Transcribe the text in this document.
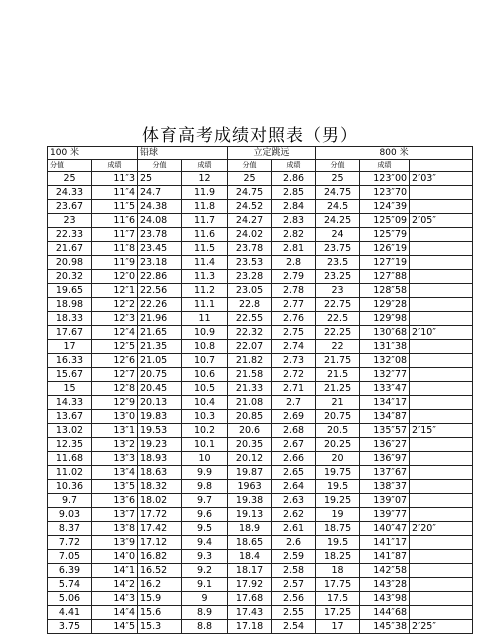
体育高考成绩对照表（男）
100 米		铅球		立定跳远		800 米		
分值	成绩	分值	成绩	分值	成绩	分值	成绩	
25	11″3	25	12	25	2.86	25	123″00	2′03″
24.33	11″4	24.7	11.9	24.75	2.85	24.75	123″70	
23.67	11″5	24.38	11.8	24.52	2.84	24.5	124″39	
23	11″6	24.08	11.7	24.27	2.83	24.25	125″09	2′05″
22.33	11″7	23.78	11.6	24.02	2.82	24	125″79	
21.67	11″8	23.45	11.5	23.78	2.81	23.75	126″19	
20.98	11″9	23.18	11.4	23.53	2.8	23.5	127″19	
20.32	12″0	22.86	11.3	23.28	2.79	23.25	127″88	
19.65	12″1	22.56	11.2	23.05	2.78	23	128″58	
18.98	12″2	22.26	11.1	22.8	2.77	22.75	129″28	
18.33	12″3	21.96	11	22.55	2.76	22.5	129″98	
17.67	12″4	21.65	10.9	22.32	2.75	22.25	130″68	2′10″
17	12″5	21.35	10.8	22.07	2.74	22	131″38	
16.33	12″6	21.05	10.7	21.82	2.73	21.75	132″08	
15.67	12″7	20.75	10.6	21.58	2.72	21.5	132″77	
15	12″8	20.45	10.5	21.33	2.71	21.25	133″47	
14.33	12″9	20.13	10.4	21.08	2.7	21	134″17	
13.67	13″0	19.83	10.3	20.85	2.69	20.75	134″87	
13.02	13″1	19.53	10.2	20.6	2.68	20.5	135″57	2′15″
12.35	13″2	19.23	10.1	20.35	2.67	20.25	136″27	
11.68	13″3	18.93	10	20.12	2.66	20	136″97	
11.02	13″4	18.63	9.9	19.87	2.65	19.75	137″67	
10.36	13″5	18.32	9.8	1963	2.64	19.5	138″37	
9.7	13″6	18.02	9.7	19.38	2.63	19.25	139″07	
9.03	13″7	17.72	9.6	19.13	2.62	19	139″77	
8.37	13″8	17.42	9.5	18.9	2.61	18.75	140″47	2′20″
7.72	13″9	17.12	9.4	18.65	2.6	19.5	141″17	
7.05	14″0	16.82	9.3	18.4	2.59	18.25	141″87	
6.39	14″1	16.52	9.2	18.17	2.58	18	142″58	
5.74	14″2	16.2	9.1	17.92	2.57	17.75	143″28	
5.06	14″3	15.9	9	17.68	2.56	17.5	143″98	
4.41	14″4	15.6	8.9	17.43	2.55	17.25	144″68	
3.75	14″5	15.3	8.8	17.18	2.54	17	145″38	2′25″
